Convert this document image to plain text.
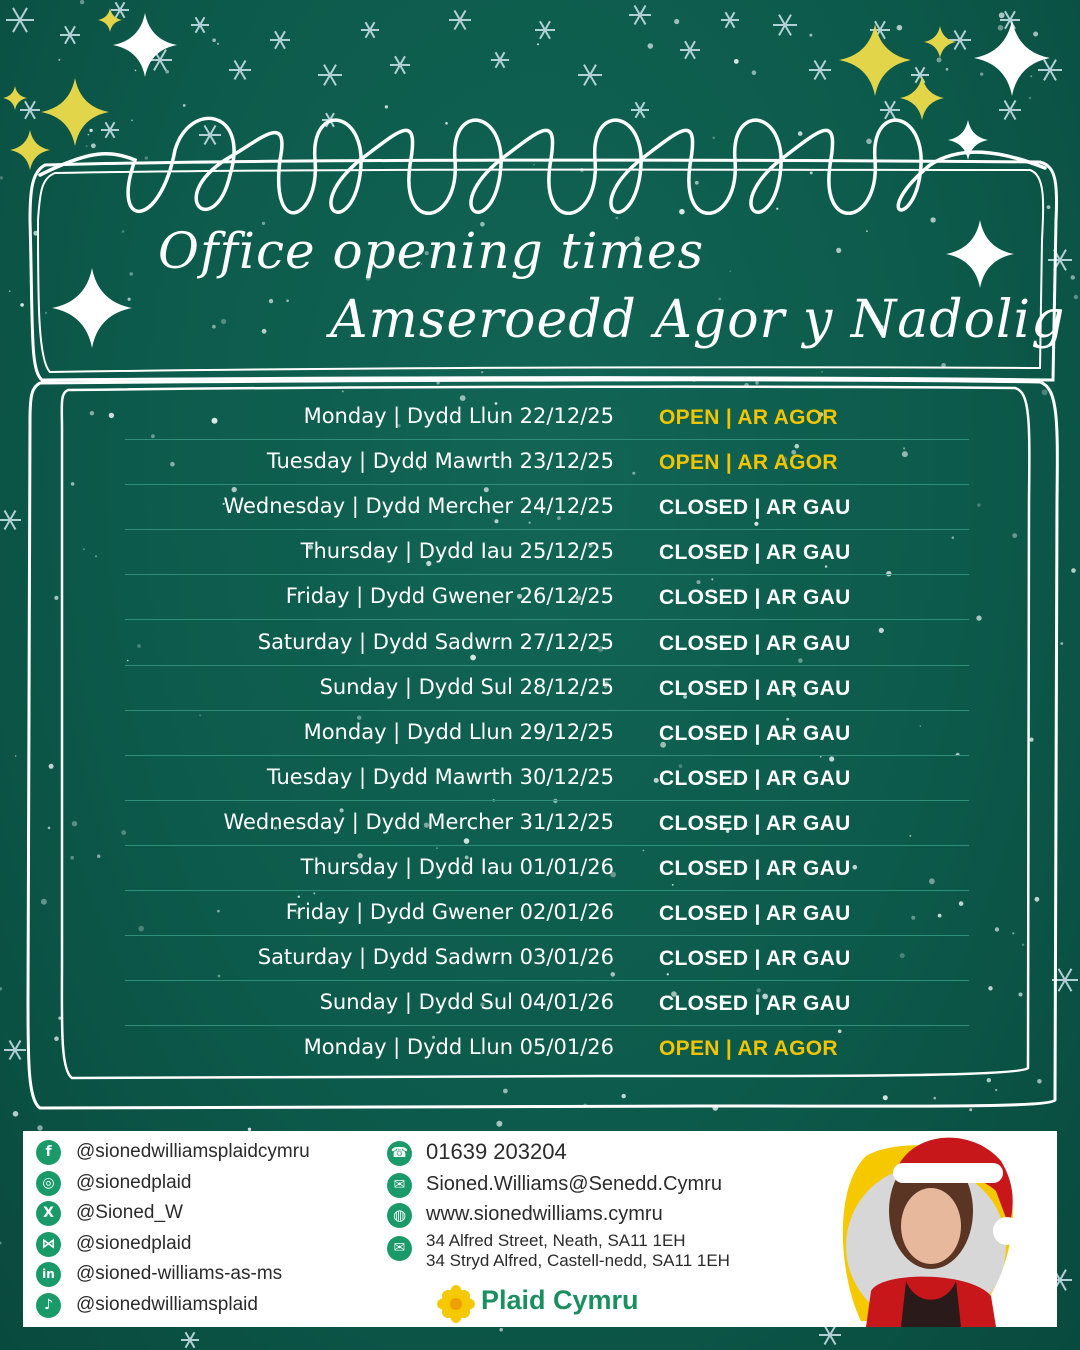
Office opening times
Amseroedd Agor y Nadolig
Monday | Dydd Llun 22/12/25 OPEN | AR AGOR
Tuesday | Dydd Mawrth 23/12/25 OPEN | AR AGOR
Wednesday | Dydd Mercher 24/12/25 CLOSED | AR GAU
Thursday | Dydd Iau 25/12/25 CLOSED | AR GAU
Friday | Dydd Gwener 26/12/25 CLOSED | AR GAU
Saturday | Dydd Sadwrn 27/12/25 CLOSED | AR GAU
Sunday | Dydd Sul 28/12/25 CLOSED | AR GAU
Monday | Dydd Llun 29/12/25 CLOSED | AR GAU
Tuesday | Dydd Mawrth 30/12/25 CLOSED | AR GAU
Wednesday | Dydd Mercher 31/12/25 CLOSED | AR GAU
Thursday | Dydd Iau 01/01/26 CLOSED | AR GAU
Friday | Dydd Gwener 02/01/26 CLOSED | AR GAU
Saturday | Dydd Sadwrn 03/01/26 CLOSED | AR GAU
Sunday | Dydd Sul 04/01/26 CLOSED | AR GAU
Monday | Dydd Llun 05/01/26 OPEN | AR AGOR
f	@sionedwilliamsplaidcymru
◎	@sionedplaid
X	@Sioned_W
⋈ @sionedplaid
in	@sioned-williams-as-ms
♪	@sionedwilliamsplaid
☎ 01639 203204
✉	Sioned.Williams@Senedd.Cymru
◍ www.sionedwilliams.cymru
✉	34 Alfred Street, Neath, SA11 1EH
34 Stryd Alfred, Castell-nedd, SA11 1EH
Plaid Cymru
